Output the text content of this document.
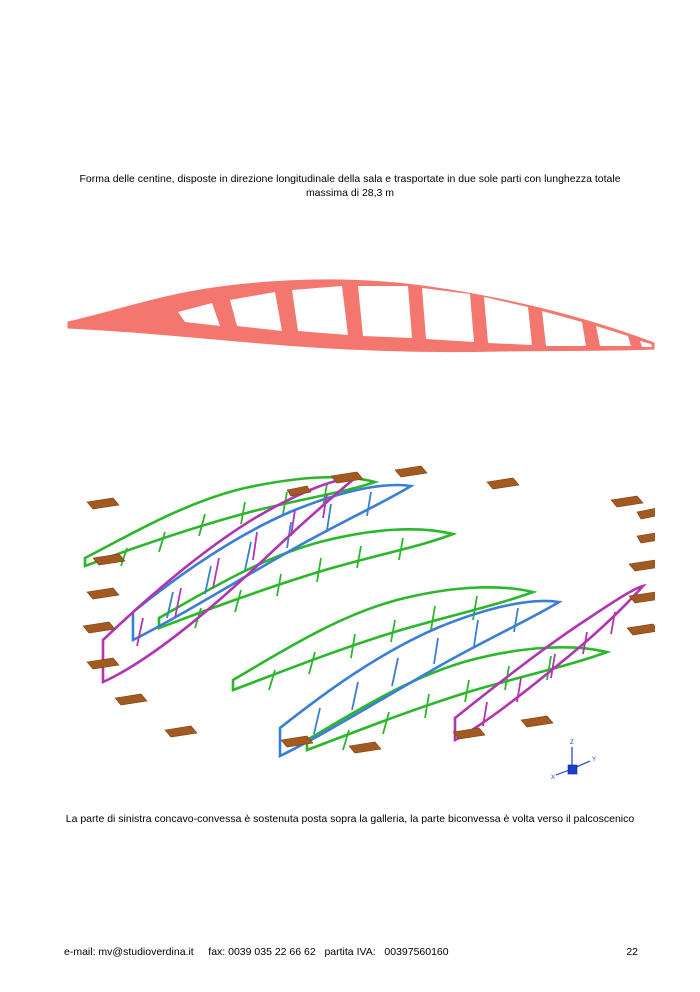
Forma delle centine, disposte in direzione longitudinale della sala e trasportate in due sole parti con lunghezza totale massima di 28,3 m
Z
Y
X
La parte di sinistra concavo-convessa è sostenuta posta sopra la galleria, la parte biconvessa è volta verso il palcoscenico
e-mail: mv@studioverdina.it     fax: 0039 035 22 66 62   partita IVA:   00397560160	22
